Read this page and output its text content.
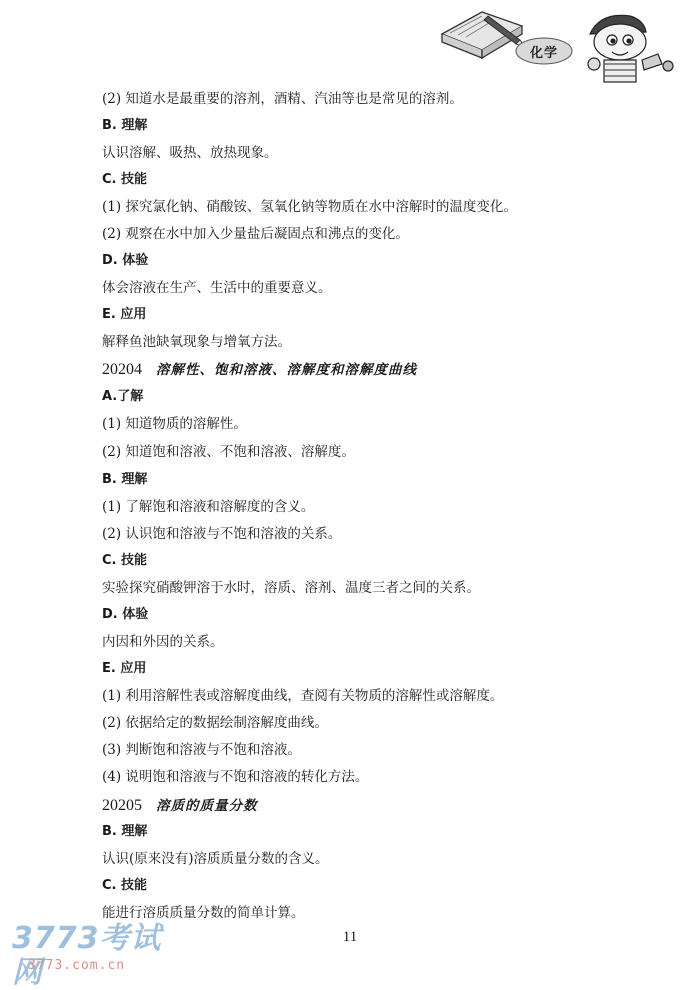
化学
(2) 知道水是最重要的溶剂，酒精、汽油等也是常见的溶剂。
B. 理解
认识溶解、吸热、放热现象。
C. 技能
(1) 探究氯化钠、硝酸铵、氢氧化钠等物质在水中溶解时的温度变化。
(2) 观察在水中加入少量盐后凝固点和沸点的变化。
D. 体验
体会溶液在生产、生活中的重要意义。
E. 应用
解释鱼池缺氧现象与增氧方法。
20204 溶解性、饱和溶液、溶解度和溶解度曲线
A.了解
(1) 知道物质的溶解性。
(2) 知道饱和溶液、不饱和溶液、溶解度。
B. 理解
(1) 了解饱和溶液和溶解度的含义。
(2) 认识饱和溶液与不饱和溶液的关系。
C. 技能
实验探究硝酸钾溶于水时，溶质、溶剂、温度三者之间的关系。
D. 体验
内因和外因的关系。
E. 应用
(1) 利用溶解性表或溶解度曲线，查阅有关物质的溶解性或溶解度。
(2) 依据给定的数据绘制溶解度曲线。
(3) 判断饱和溶液与不饱和溶液。
(4) 说明饱和溶液与不饱和溶液的转化方法。
20205 溶质的质量分数
B. 理解
认识(原来没有)溶质质量分数的含义。
C. 技能
能进行溶质质量分数的简单计算。
11
3773考试网
3773.com.cn
